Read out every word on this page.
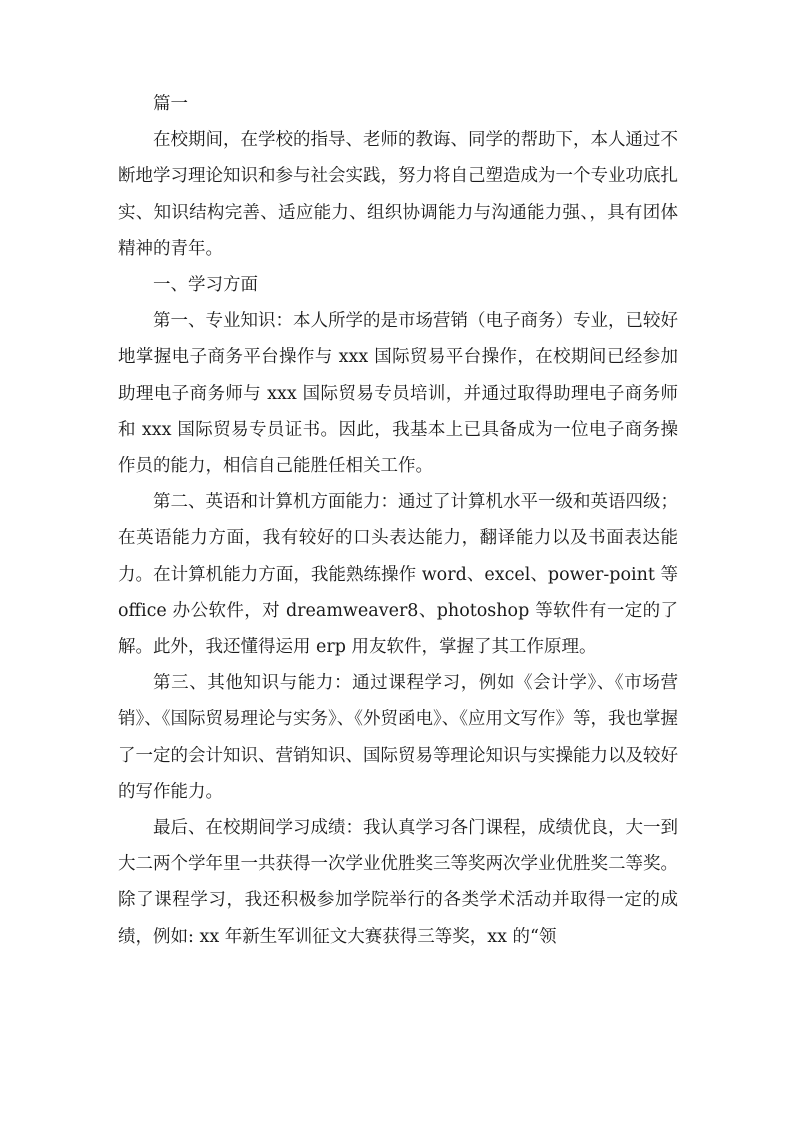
篇一

在校期间，在学校的指导、老师的教诲、同学的帮助下，本人通过不断地学习理论知识和参与社会实践，努力将自己塑造成为一个专业功底扎实、知识结构完善、适应能力、组织协调能力与沟通能力强、，具有团体精神的青年。

一、学习方面

第一、专业知识：本人所学的是市场营销（电子商务）专业，已较好地掌握电子商务平台操作与 xxx 国际贸易平台操作，在校期间已经参加助理电子商务师与 xxx 国际贸易专员培训，并通过取得助理电子商务师和 xxx 国际贸易专员证书。因此，我基本上已具备成为一位电子商务操作员的能力，相信自己能胜任相关工作。

第二、英语和计算机方面能力：通过了计算机水平一级和英语四级；在英语能力方面，我有较好的口头表达能力，翻译能力以及书面表达能力。在计算机能力方面，我能熟练操作 word、excel、power-point 等 office 办公软件，对 dreamweaver8、photoshop 等软件有一定的了解。此外，我还懂得运用 erp 用友软件，掌握了其工作原理。

第三、其他知识与能力：通过课程学习，例如《会计学》、《市场营销》、《国际贸易理论与实务》、《外贸函电》、《应用文写作》等，我也掌握了一定的会计知识、营销知识、国际贸易等理论知识与实操能力以及较好的写作能力。

最后、在校期间学习成绩：我认真学习各门课程，成绩优良，大一到大二两个学年里一共获得一次学业优胜奖三等奖两次学业优胜奖二等奖。除了课程学习，我还积极参加学院举行的各类学术活动并取得一定的成绩，例如: xx 年新生军训征文大赛获得三等奖，xx 的“领
